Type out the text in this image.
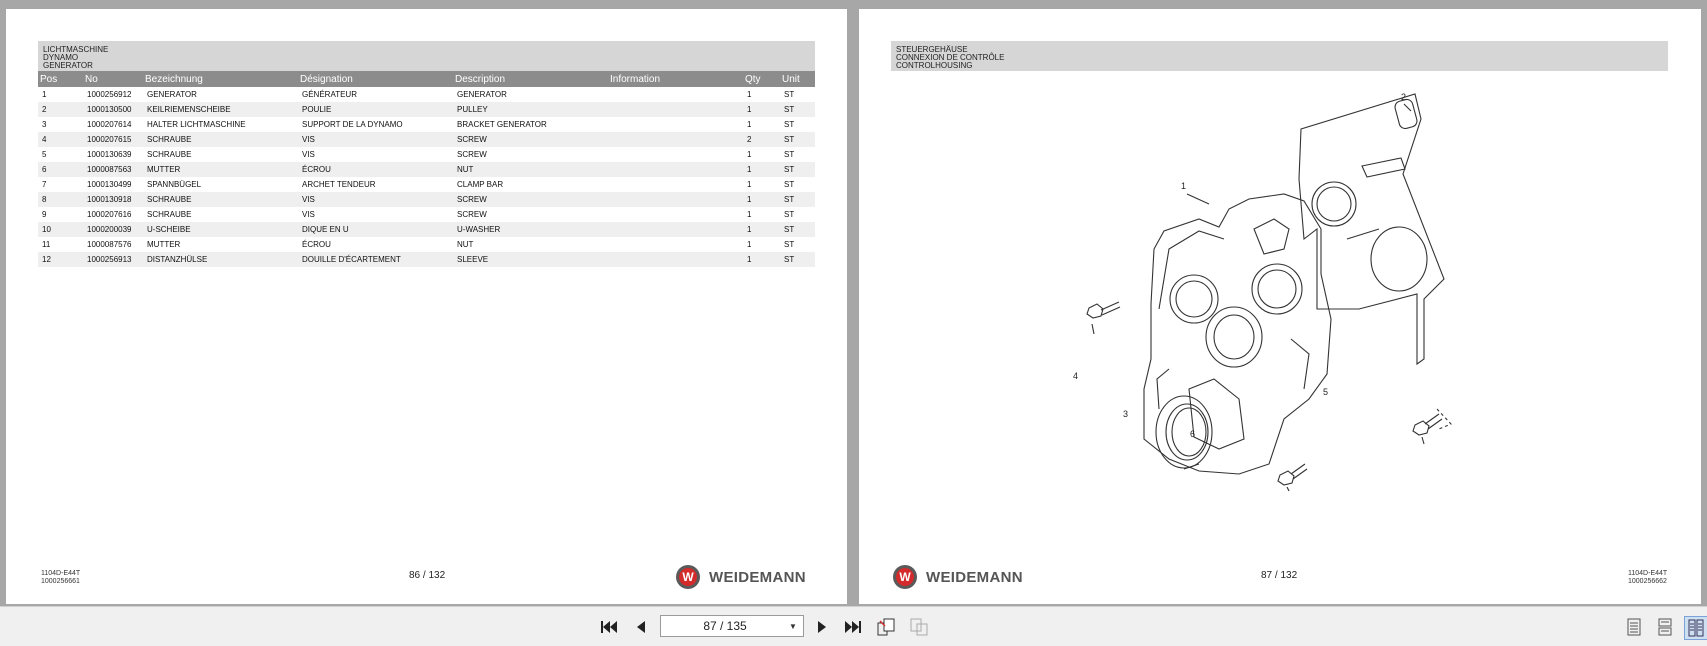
LICHTMASCHINE
DYNAMO
GENERATOR
Pos	No	Bezeichnung	Désignation	Description	Information	Qty	Unit
1	1000256912	GENERATOR	GÉNÉRATEUR	GENERATOR		1	ST
2	1000130500	KEILRIEMENSCHEIBE	POULIE	PULLEY		1	ST
3	1000207614	HALTER LICHTMASCHINE	SUPPORT DE LA DYNAMO	BRACKET GENERATOR		1	ST
4	1000207615	SCHRAUBE	VIS	SCREW		2	ST
5	1000130639	SCHRAUBE	VIS	SCREW		1	ST
6	1000087563	MUTTER	ÉCROU	NUT		1	ST
7	1000130499	SPANNBÜGEL	ARCHET TENDEUR	CLAMP BAR		1	ST
8	1000130918	SCHRAUBE	VIS	SCREW		1	ST
9	1000207616	SCHRAUBE	VIS	SCREW		1	ST
10	1000200039	U-SCHEIBE	DIQUE EN U	U-WASHER		1	ST
11	1000087576	MUTTER	ÉCROU	NUT		1	ST
12	1000256913	DISTANZHÜLSE	DOUILLE D'ÉCARTEMENT	SLEEVE		1	ST
1104D-E44T
1000256661
86 / 132	W WEIDEMANN
STEUERGEHÄUSE
CONNEXION DE CONTRÔLE
CONTROLHOUSING
1
2
3
4
5
6
W WEIDEMANN	87 / 132	1104D-E44T
1000256662
87 / 135	▼
